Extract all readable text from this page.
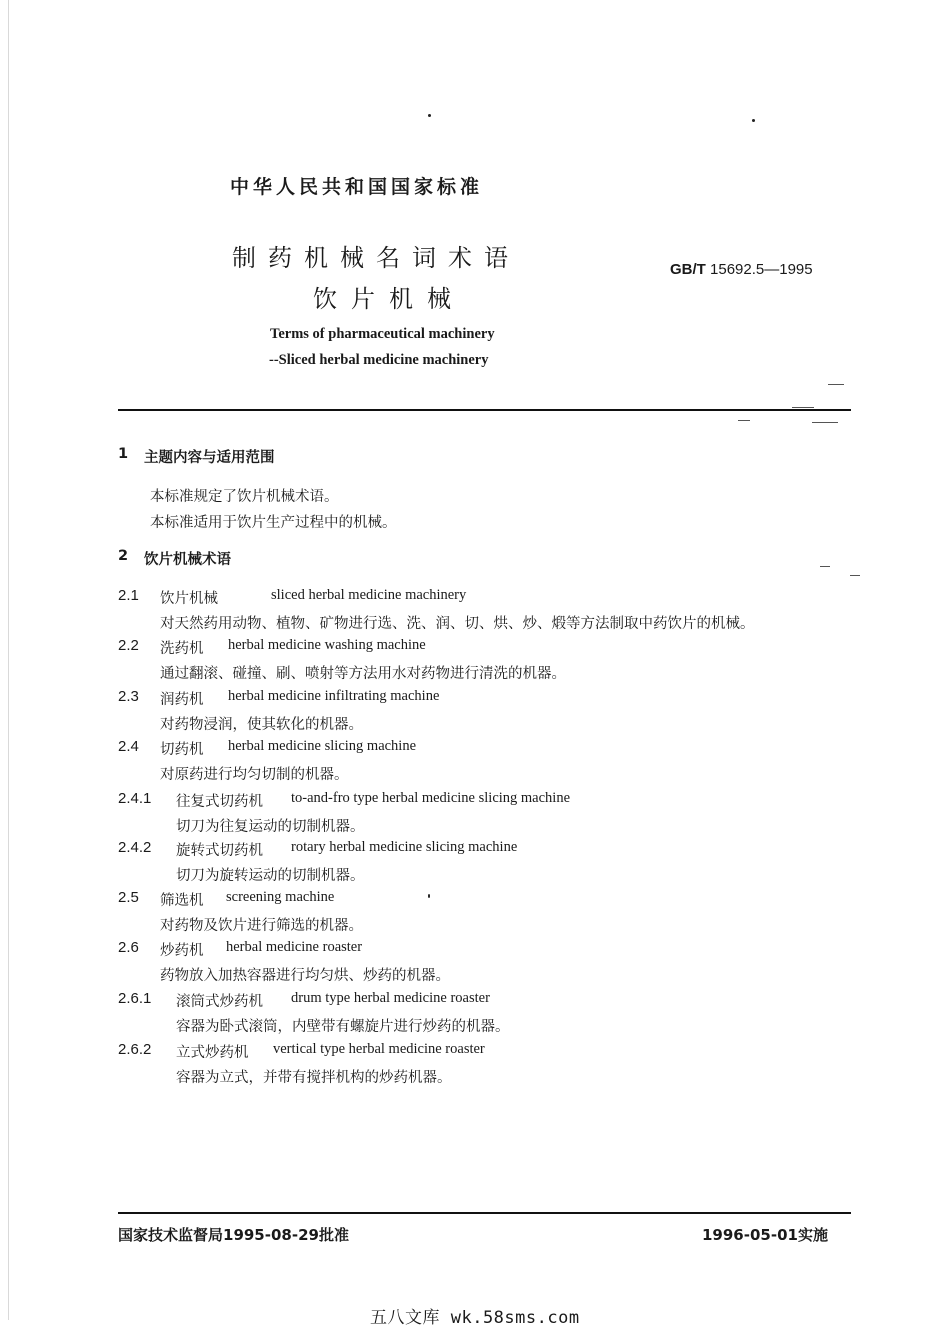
中华人民共和国国家标准
制药机械名词术语
饮片机械
GB/T 15692.5—1995
Terms of pharmaceutical machinery
--Sliced herbal medicine machinery
1 主题内容与适用范围
本标准规定了饮片机械术语。
本标准适用于饮片生产过程中的机械。
2 饮片机械术语
2.1 饮片机械	sliced herbal medicine machinery
对天然药用动物、植物、矿物进行选、洗、润、切、烘、炒、煅等方法制取中药饮片的机械。
2.2 洗药机 herbal medicine washing machine
通过翻滚、碰撞、刷、喷射等方法用水对药物进行清洗的机器。
2.3 润药机 herbal medicine infiltrating machine
对药物浸润，使其软化的机器。
2.4 切药机 herbal medicine slicing machine
对原药进行均匀切制的机器。
2.4.1 往复式切药机 to-and-fro type herbal medicine slicing machine
切刀为往复运动的切制机器。
2.4.2 旋转式切药机 rotary herbal medicine slicing machine
切刀为旋转运动的切制机器。
2.5 筛选机 screening machine
对药物及饮片进行筛选的机器。
2.6 炒药机 herbal medicine roaster
药物放入加热容器进行均匀烘、炒药的机器。
2.6.1 滚筒式炒药机 drum type herbal medicine roaster
容器为卧式滚筒，内壁带有螺旋片进行炒药的机器。
2.6.2 立式炒药机 vertical type herbal medicine roaster
容器为立式，并带有搅拌机构的炒药机器。
国家技术监督局1995-08-29批准	1996-05-01实施
五八文库 wk.58sms.com
